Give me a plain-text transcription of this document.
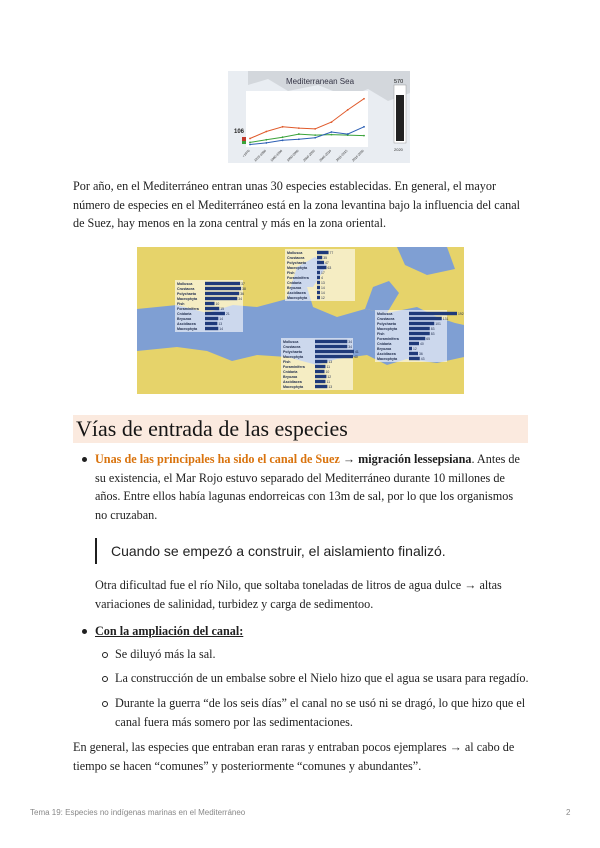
Mediterranean Sea	570
2020
106
<1970 1970-1980 1980-1990 1990-2000 2000-2005 2006-2010 2011-2015 2016-2020

Por año, en el Mediterráneo entran unas 30 especies establecidas. En general, el mayor número de especies en el Mediterráneo está en la zona levantina bajo la influencia del canal de Suez, hay menos en la zona central y más en la zona oriental.

Mollusca	77
Crustacea	35
Polychaeta	47
Macrophyta	63
Fish	17
Foraminifera	4
Cnidaria	13
Bryozoa	14
Ascidiacea	14
Macrophyta	12
Mollusca	37
Crustacea	38
Polychaeta	36
Macrophyta	34
Fish	10
Foraminifera	15
Cnidaria	21
Bryozoa	14
Ascidiacea	13
Macrophyta	14
Mollusca	192
Crustacea	131
Polychaeta	101
Macrophyta	83
Fish	83
Foraminifera	65
Cnidaria	40
Bryozoa	12
Ascidiacea	36
Macrophyta	43
Mollusca	34
Crustacea	34
Polychaeta	41
Macrophyta	40
Fish	13
Foraminifera	11
Cnidaria	10
Bryozoa	12
Ascidiacea	11
Macrophyta	13
Vías de entrada de las especies

Unas de las principales ha sido el canal de Suez → migración lessepsiana. Antes de su existencia, el Mar Rojo estuvo separado del Mediterráneo durante 10 millones de años. Entre ellos había lagunas endorreicas con 13m de sal, por lo que los organismos no cruzaban.

Cuando se empezó a construir, el aislamiento finalizó.

Otra dificultad fue el río Nilo, que soltaba toneladas de litros de agua dulce → altas variaciones de salinidad, turbidez y carga de sedimentoo.

Con la ampliación del canal:

Se diluyó más la sal.

La construcción de un embalse sobre el Nielo hizo que el agua se usara para regadío.

Durante la guerra “de los seis días” el canal no se usó ni se dragó, lo que hizo que el canal fuera más somero por las sedimentaciones.

En general, las especies que entraban eran raras y entraban pocos ejemplares → al cabo de tiempo se hacen “comunes” y posteriormente “comunes y abundantes”.

Tema 19: Especies no indígenas marinas en el Mediterráneo	2
